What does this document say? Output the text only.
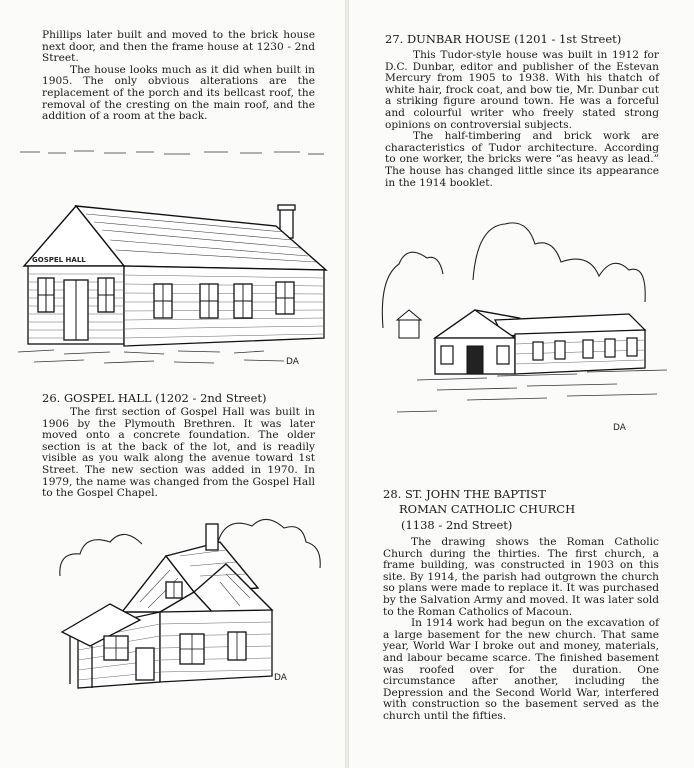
Phillips later built and moved to the brick house next door, and then the frame house at 1230 - 2nd Street.

The house looks much as it did when built in 1905. The only obvious alterations are the replacement of the porch and its bellcast roof, the removal of the cresting on the main roof, and the addition of a room at the back.

GOSPEL HALL
DA
26. GOSPEL HALL (1202 - 2nd Street)

The first section of Gospel Hall was built in 1906 by the Plymouth Brethren. It was later moved onto a concrete foundation. The older section is at the back of the lot, and is readily visible as you walk along the avenue toward 1st Street. The new section was added in 1970. In 1979, the name was changed from the Gospel Hall to the Gospel Chapel.

DA
27. DUNBAR HOUSE (1201 - 1st Street)

This Tudor-style house was built in 1912 for D.C. Dunbar, editor and publisher of the Estevan Mercury from 1905 to 1938. With his thatch of white hair, frock coat, and bow tie, Mr. Dunbar cut a striking figure around town. He was a forceful and colourful writer who freely stated strong opinions on controversial subjects.

The half-timbering and brick work are characteristics of Tudor architecture. According to one worker, the bricks were “as heavy as lead.” The house has changed little since its appearance in the 1914 booklet.

DA
28. ST. JOHN THE BAPTIST
ROMAN CATHOLIC CHURCH
(1138 - 2nd Street)

The drawing shows the Roman Catholic Church during the thirties. The first church, a frame building, was constructed in 1903 on this site. By 1914, the parish had outgrown the church so plans were made to replace it. It was purchased by the Salvation Army and moved. It was later sold to the Roman Catholics of Macoun.

In 1914 work had begun on the excavation of a large basement for the new church. That same year, World War I broke out and money, materials, and labour became scarce. The finished basement was roofed over for the duration. One circumstance after another, including the Depression and the Second World War, interfered with construction so the basement served as the church until the fifties.
